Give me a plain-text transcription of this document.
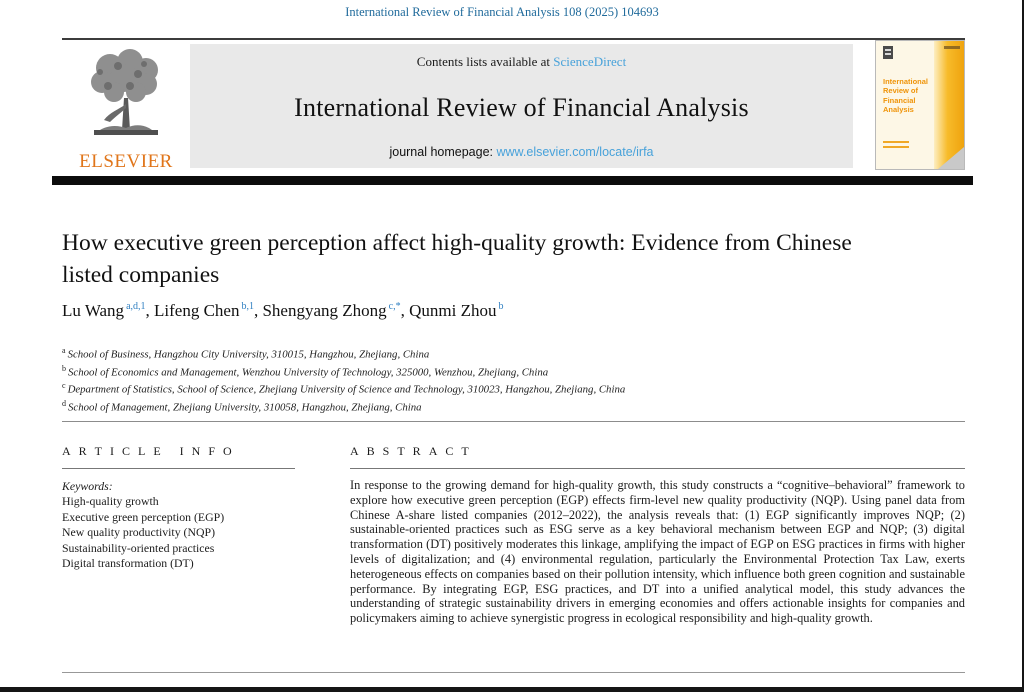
International Review of Financial Analysis 108 (2025) 104693
ELSEVIER
Contents lists available at ScienceDirect
International Review of Financial Analysis
journal homepage: www.elsevier.com/locate/irfa
International Review of Financial Analysis
How executive green perception affect high-quality growth: Evidence from Chinese listed companies
Lu Wang $^{a,d,1}$, Lifeng Chen $^{b,1}$, Shengyang Zhong $^{c,*}$, Qunmi Zhou $^b$
$^a$ School of Business, Hangzhou City University, 310015, Hangzhou, Zhejiang, China
$^b$ School of Economics and Management, Wenzhou University of Technology, 325000, Wenzhou, Zhejiang, China
$^c$ Department of Statistics, School of Science, Zhejiang University of Science and Technology, 310023, Hangzhou, Zhejiang, China
$^d$ School of Management, Zhejiang University, 310058, Hangzhou, Zhejiang, China
A R T I C L E   I N F O
Keywords:
High-quality growth
Executive green perception (EGP)
New quality productivity (NQP)
Sustainability-oriented practices
Digital transformation (DT)
A B S T R A C T
In response to the growing demand for high-quality growth, this study constructs a “cognitive–behavioral” framework to explore how executive green perception (EGP) effects firm-level new quality productivity (NQP). Using panel data from Chinese A-share listed companies (2012–2022), the analysis reveals that: (1) EGP significantly improves NQP; (2) sustainable-oriented practices such as ESG serve as a key behavioral mechanism between EGP and NQP; (3) digital transformation (DT) positively moderates this linkage, amplifying the impact of EGP on ESG practices in firms with higher levels of digitalization; and (4) environmental regulation, particularly the Environmental Protection Tax Law, exerts heterogeneous effects on companies based on their pollution intensity, which influence both green cognition and sustainable performance. By integrating EGP, ESG practices, and DT into a unified analytical model, this study advances the understanding of strategic sustainability drivers in emerging economies and offers actionable insights for companies and policymakers aiming to achieve synergistic progress in ecological responsibility and high-quality growth.
